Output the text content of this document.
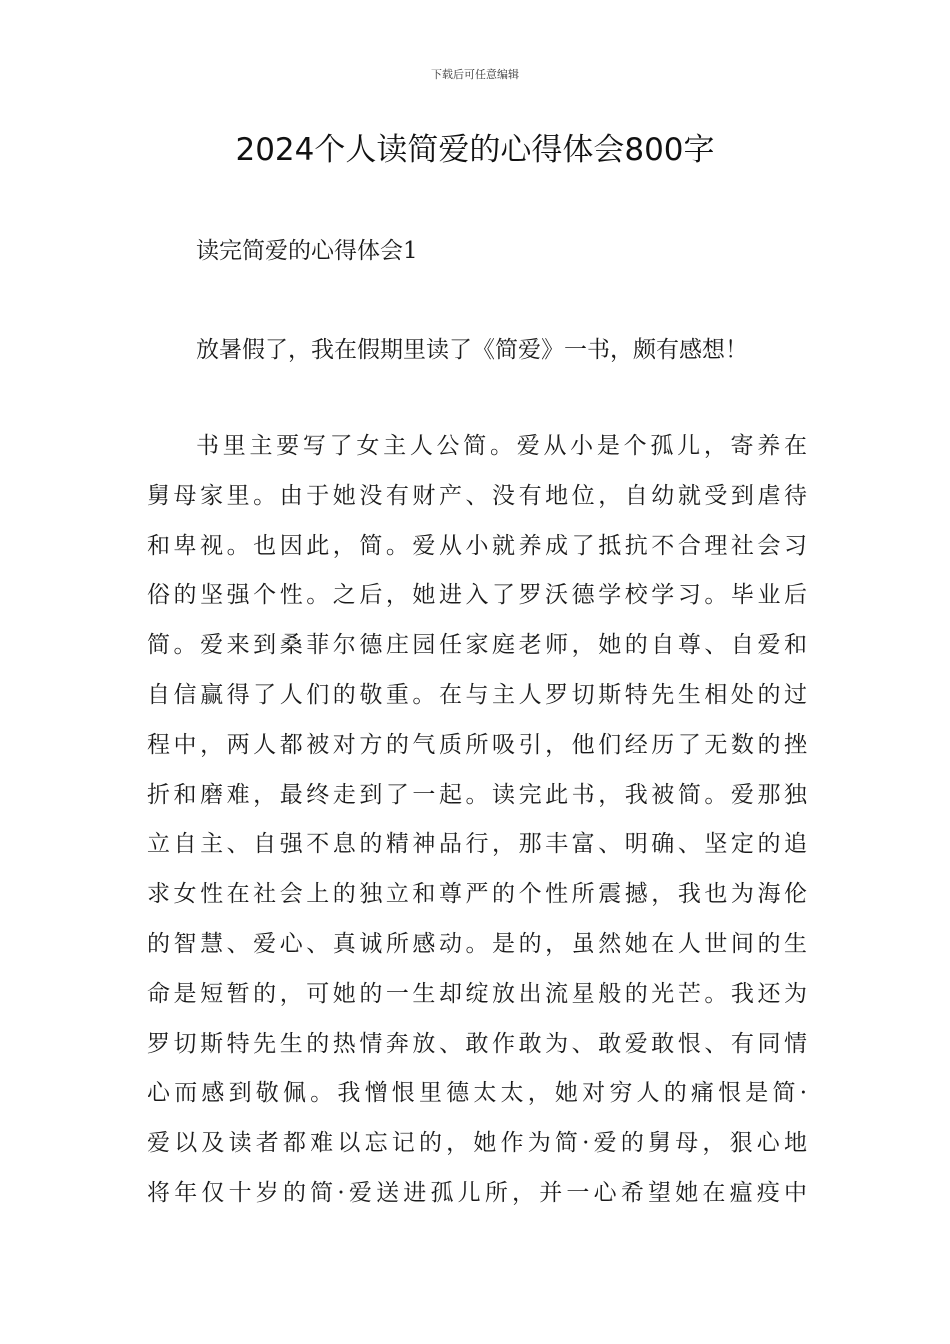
下载后可任意编辑
2024个人读简爱的心得体会800字
读完简爱的心得体会1

放暑假了，我在假期里读了《简爱》一书，颇有感想！

书里主要写了女主人公简。爱从小是个孤儿，寄养在
舅母家里。由于她没有财产、没有地位，自幼就受到虐待
和卑视。也因此，简。爱从小就养成了抵抗不合理社会习
俗的坚强个性。之后，她进入了罗沃德学校学习。毕业后
简。爱来到桑菲尔德庄园任家庭老师，她的自尊、自爱和
自信赢得了人们的敬重。在与主人罗切斯特先生相处的过
程中，两人都被对方的气质所吸引，他们经历了无数的挫
折和磨难，最终走到了一起。读完此书，我被简。爱那独
立自主、自强不息的精神品行，那丰富、明确、坚定的追
求女性在社会上的独立和尊严的个性所震撼，我也为海伦
的智慧、爱心、真诚所感动。是的，虽然她在人世间的生
命是短暂的，可她的一生却绽放出流星般的光芒。我还为
罗切斯特先生的热情奔放、敢作敢为、敢爱敢恨、有同情
心而感到敬佩。我憎恨里德太太，她对穷人的痛恨是简·
爱以及读者都难以忘记的，她作为简·爱的舅母，狠心地
将年仅十岁的简·爱送进孤儿所，并一心希望她在瘟疫中
